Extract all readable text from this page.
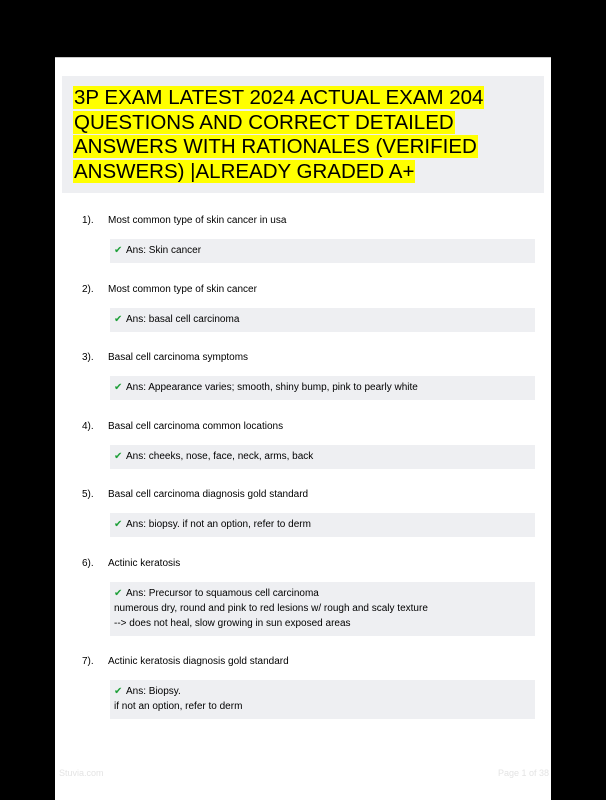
3P EXAM LATEST 2024 ACTUAL EXAM 204 QUESTIONS AND CORRECT DETAILED ANSWERS WITH RATIONALES (VERIFIED ANSWERS) |ALREADY GRADED A+
1). Most common type of skin cancer in usa
✔ Ans: Skin cancer
2). Most common type of skin cancer
✔ Ans: basal cell carcinoma
3). Basal cell carcinoma symptoms
✔ Ans: Appearance varies; smooth, shiny bump, pink to pearly white
4). Basal cell carcinoma common locations
✔ Ans: cheeks, nose, face, neck, arms, back
5). Basal cell carcinoma diagnosis gold standard
✔ Ans: biopsy. if not an option, refer to derm
6). Actinic keratosis
✔ Ans: Precursor to squamous cell carcinoma
numerous dry, round and pink to red lesions w/ rough and scaly texture
--> does not heal, slow growing in sun exposed areas
7). Actinic keratosis diagnosis gold standard
✔ Ans: Biopsy.
if not an option, refer to derm
Stuvia.com	Page 1 of 38
